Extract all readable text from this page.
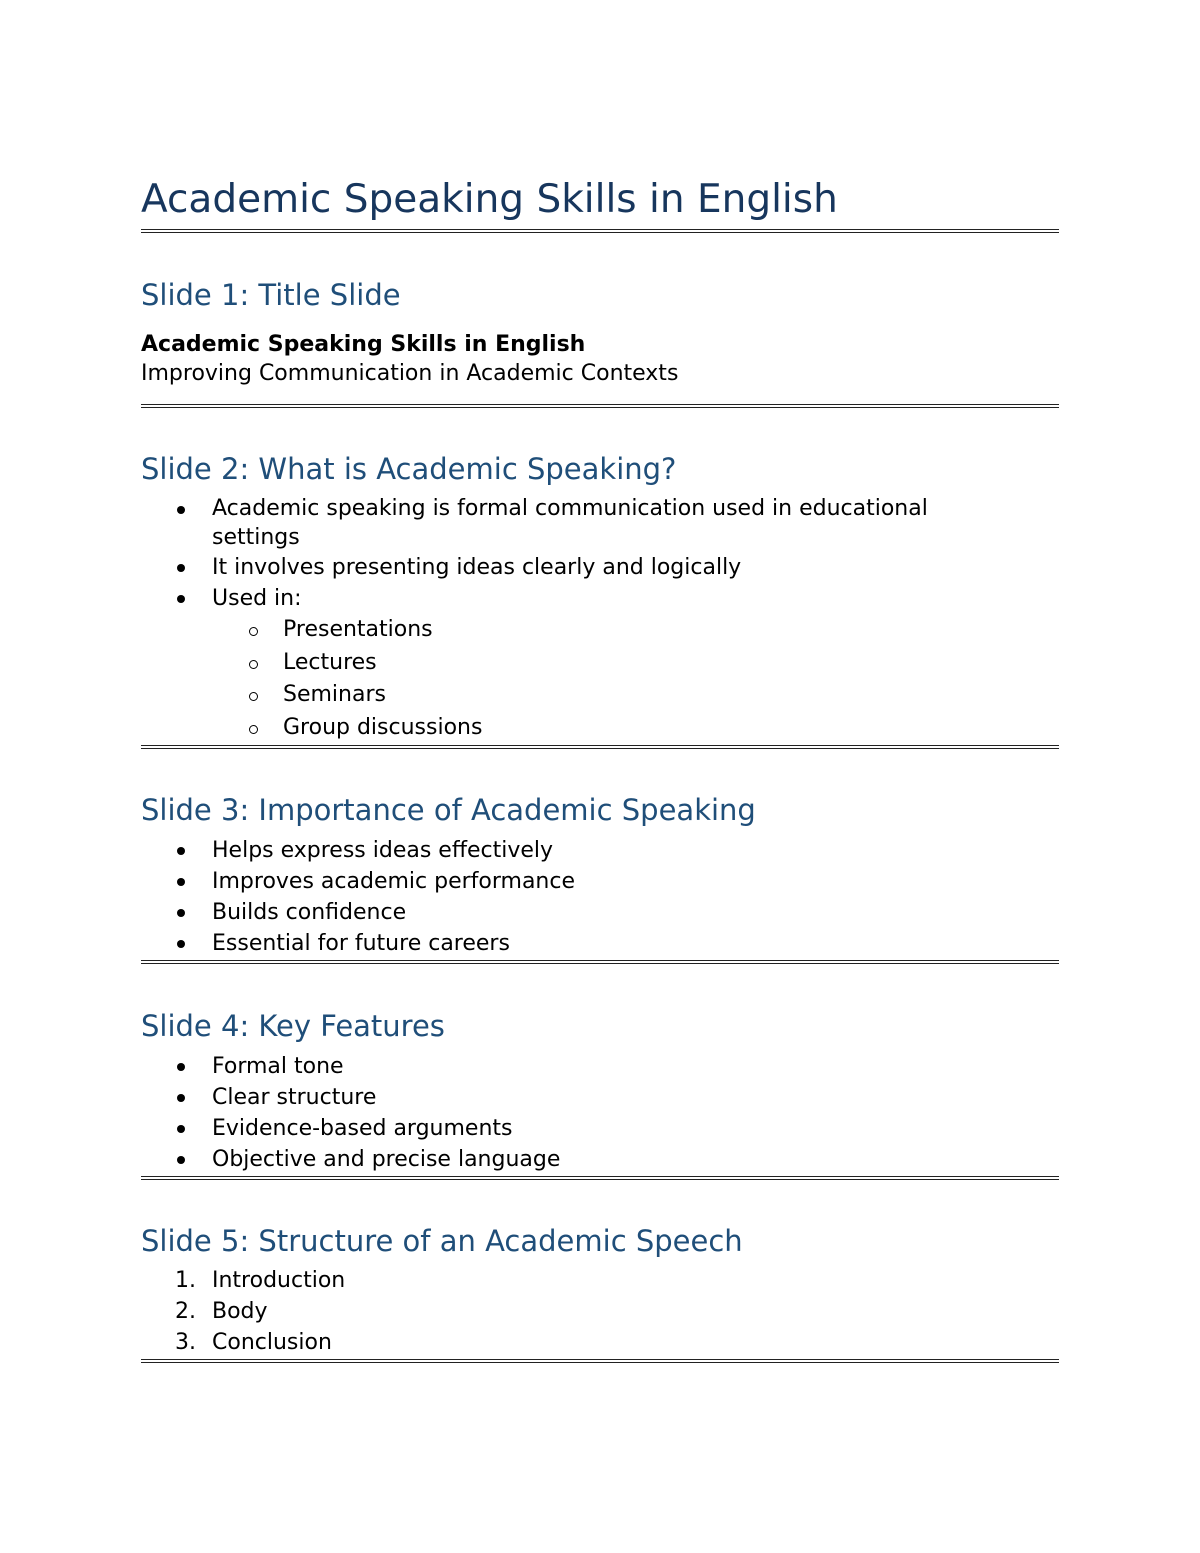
Academic Speaking Skills in English
Slide 1: Title Slide
Academic Speaking Skills in English
Improving Communication in Academic Contexts
Slide 2: What is Academic Speaking?
Academic speaking is formal communication used in educational settings
It involves presenting ideas clearly and logically
Used in:
Presentations
Lectures
Seminars
Group discussions
Slide 3: Importance of Academic Speaking
Helps express ideas effectively
Improves academic performance
Builds confidence
Essential for future careers
Slide 4: Key Features
Formal tone
Clear structure
Evidence-based arguments
Objective and precise language
Slide 5: Structure of an Academic Speech
1. Introduction
2. Body
3. Conclusion
